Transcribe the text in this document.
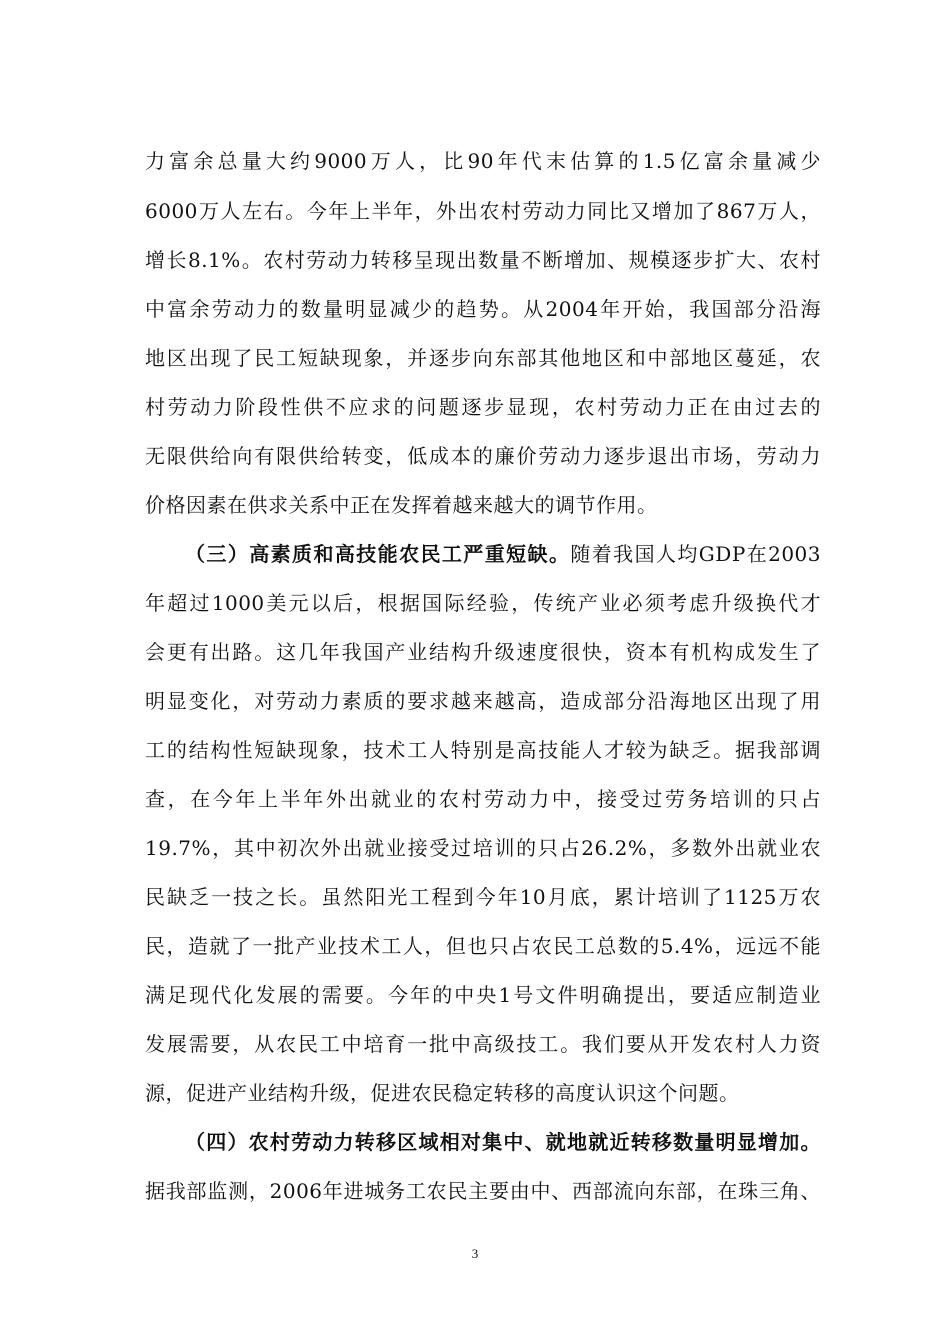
力富余总量大约9000万人，比90年代末估算的1.5亿富余量减少
6000万人左右。今年上半年，外出农村劳动力同比又增加了867万人，
增长8.1%。农村劳动力转移呈现出数量不断增加、规模逐步扩大、农村
中富余劳动力的数量明显减少的趋势。从2004年开始，我国部分沿海
地区出现了民工短缺现象，并逐步向东部其他地区和中部地区蔓延，农
村劳动力阶段性供不应求的问题逐步显现，农村劳动力正在由过去的
无限供给向有限供给转变，低成本的廉价劳动力逐步退出市场，劳动力
价格因素在供求关系中正在发挥着越来越大的调节作用。
（三）高素质和高技能农民工严重短缺。随着我国人均GDP在2003
年超过1000美元以后，根据国际经验，传统产业必须考虑升级换代才
会更有出路。这几年我国产业结构升级速度很快，资本有机构成发生了
明显变化，对劳动力素质的要求越来越高，造成部分沿海地区出现了用
工的结构性短缺现象，技术工人特别是高技能人才较为缺乏。据我部调
查，在今年上半年外出就业的农村劳动力中，接受过劳务培训的只占
19.7%，其中初次外出就业接受过培训的只占26.2%，多数外出就业农
民缺乏一技之长。虽然阳光工程到今年10月底，累计培训了1125万农
民，造就了一批产业技术工人，但也只占农民工总数的5.4%，远远不能
满足现代化发展的需要。今年的中央1号文件明确提出，要适应制造业
发展需要，从农民工中培育一批中高级技工。我们要从开发农村人力资
源，促进产业结构升级，促进农民稳定转移的高度认识这个问题。
（四）农村劳动力转移区域相对集中、就地就近转移数量明显增加。
据我部监测，2006年进城务工农民主要由中、西部流向东部，在珠三角、
3
